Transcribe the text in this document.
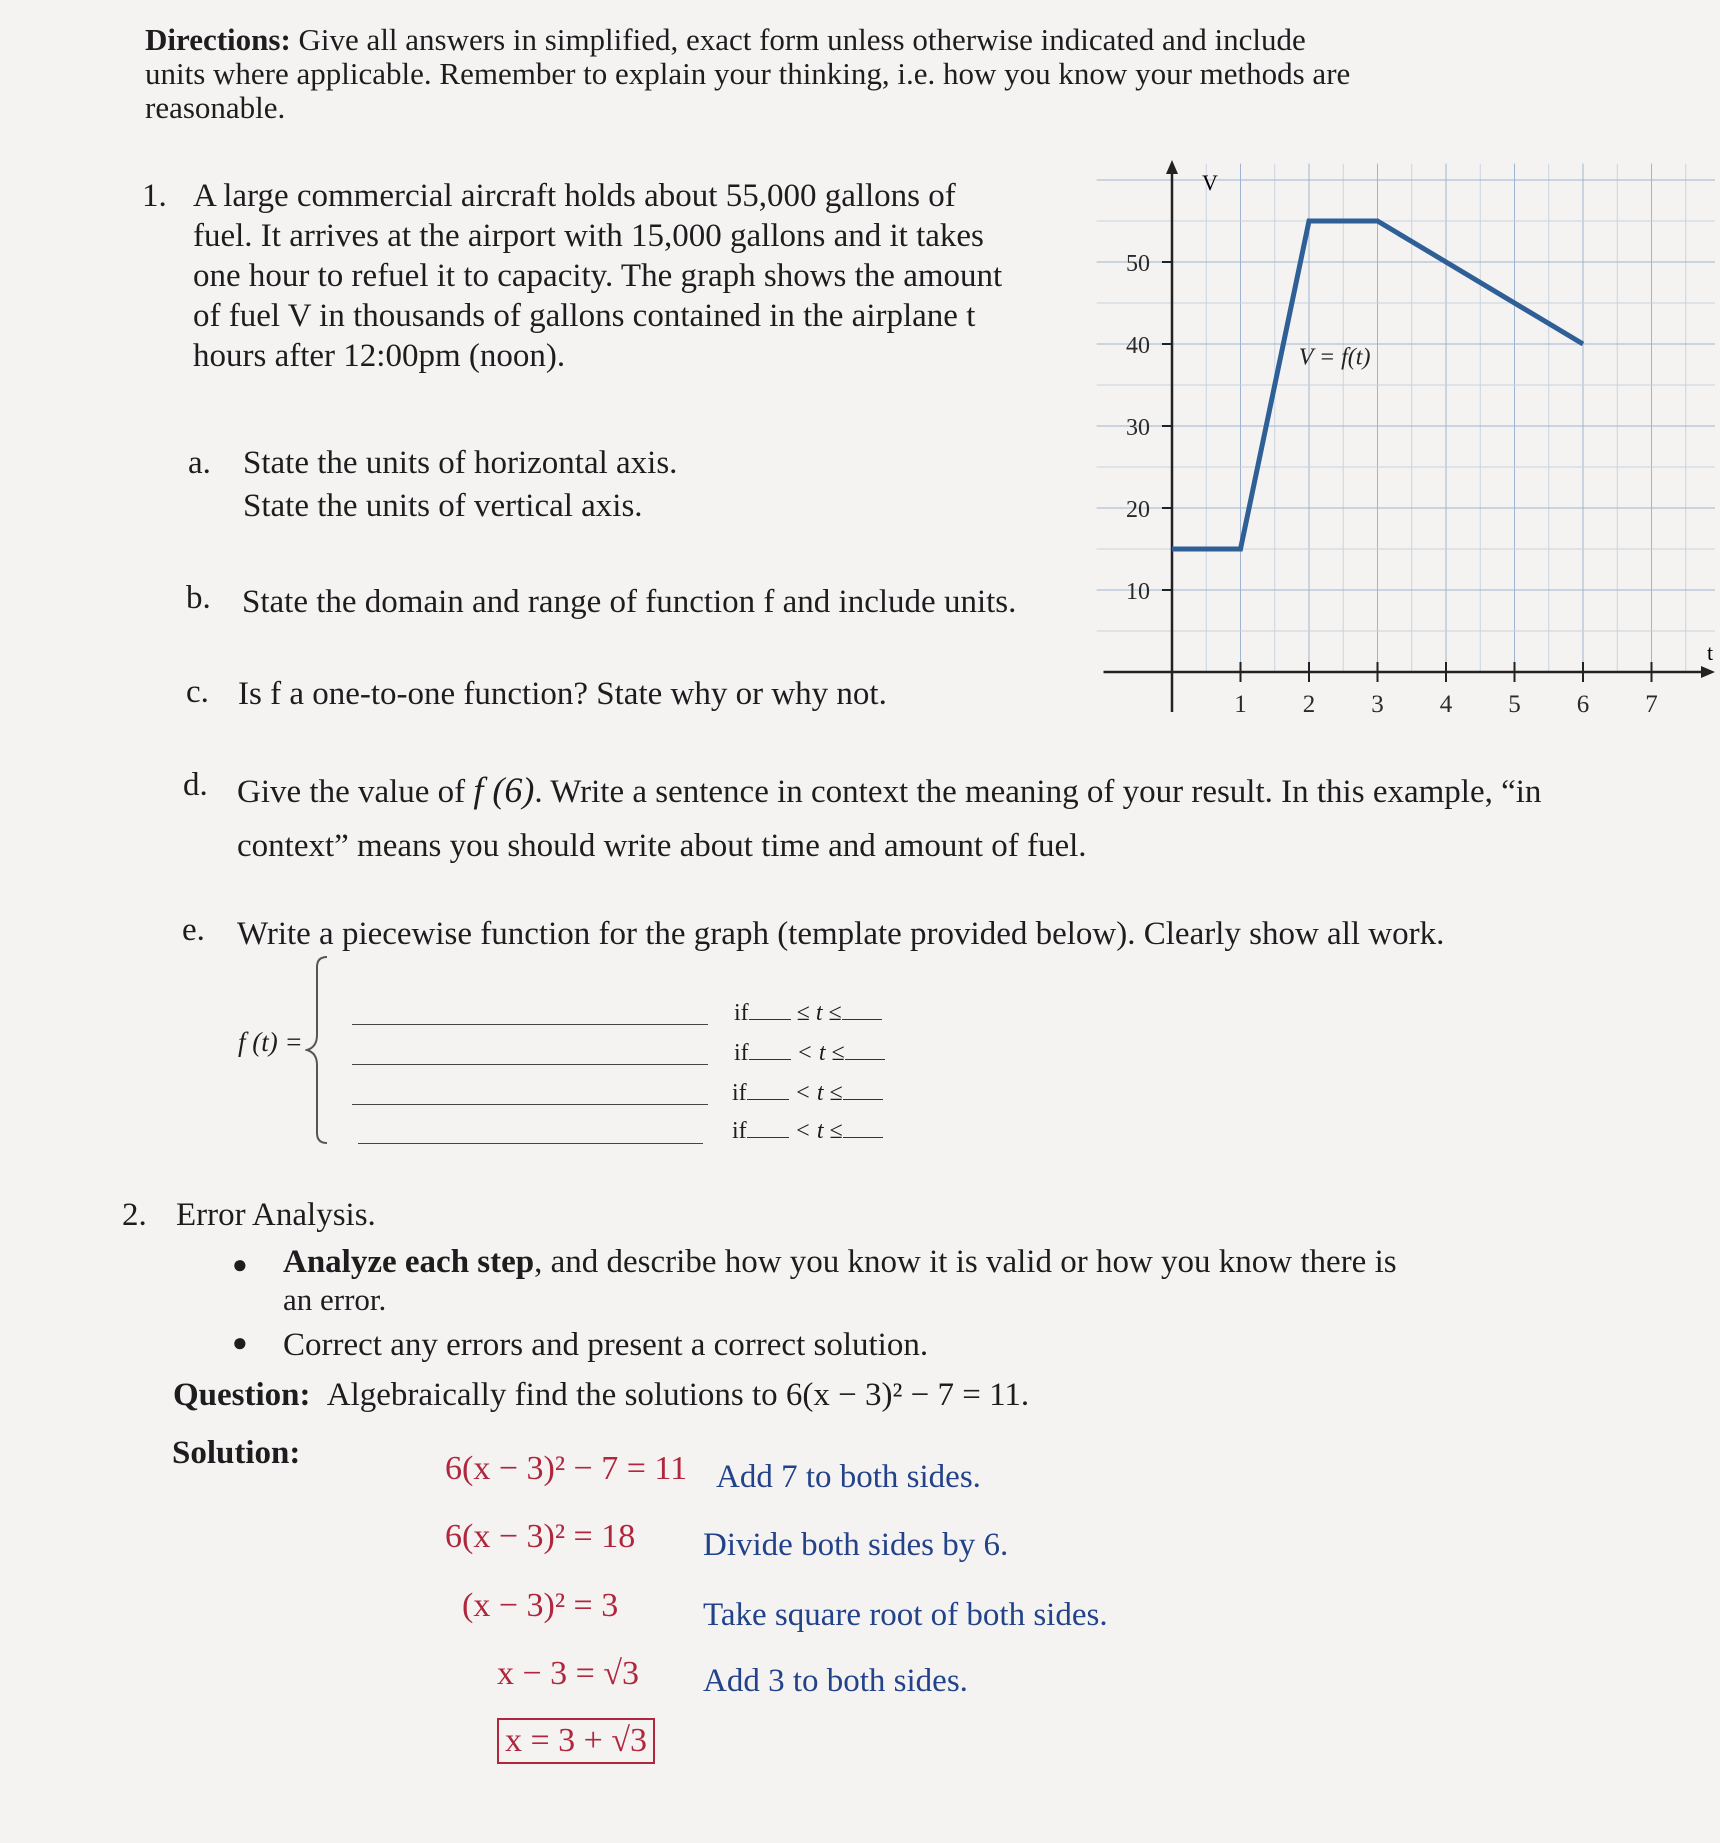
Directions: Give all answers in simplified, exact form unless otherwise indicated and include
units where applicable. Remember to explain your thinking, i.e. how you know your methods are
reasonable.
1. A large commercial aircraft holds about 55,000 gallons of
fuel. It arrives at the airport with 15,000 gallons and it takes
one hour to refuel it to capacity. The graph shows the amount
of fuel V in thousands of gallons contained in the airplane t
hours after 12:00pm (noon).
a. State the units of horizontal axis.
State the units of vertical axis.
b. State the domain and range of function f and include units.
c. Is f a one-to-one function? State why or why not.
d. Give the value of f (6). Write a sentence in context the meaning of your result. In this example, “in
context” means you should write about time and amount of fuel.
e. Write a piecewise function for the graph (template provided below). Clearly show all work.
f (t) =
if ≤ t ≤
if < t ≤
if < t ≤
if < t ≤
V
t
10
20
30
40
50
1 2 3 4 5 6 7
V = f(t)
2. Error Analysis.
● Analyze each step, and describe how you know it is valid or how you know there is
an error.
● Correct any errors and present a correct solution.
Question: Algebraically find the solutions to 6(x − 3)² − 7 = 11.
Solution:	6(x − 3)² − 7 = 11 Add 7 to both sides.
6(x − 3)² = 18 Divide both sides by 6.
(x − 3)² = 3	Take square root of both sides.
x − 3 = √3 Add 3 to both sides.
x = 3 + √3
